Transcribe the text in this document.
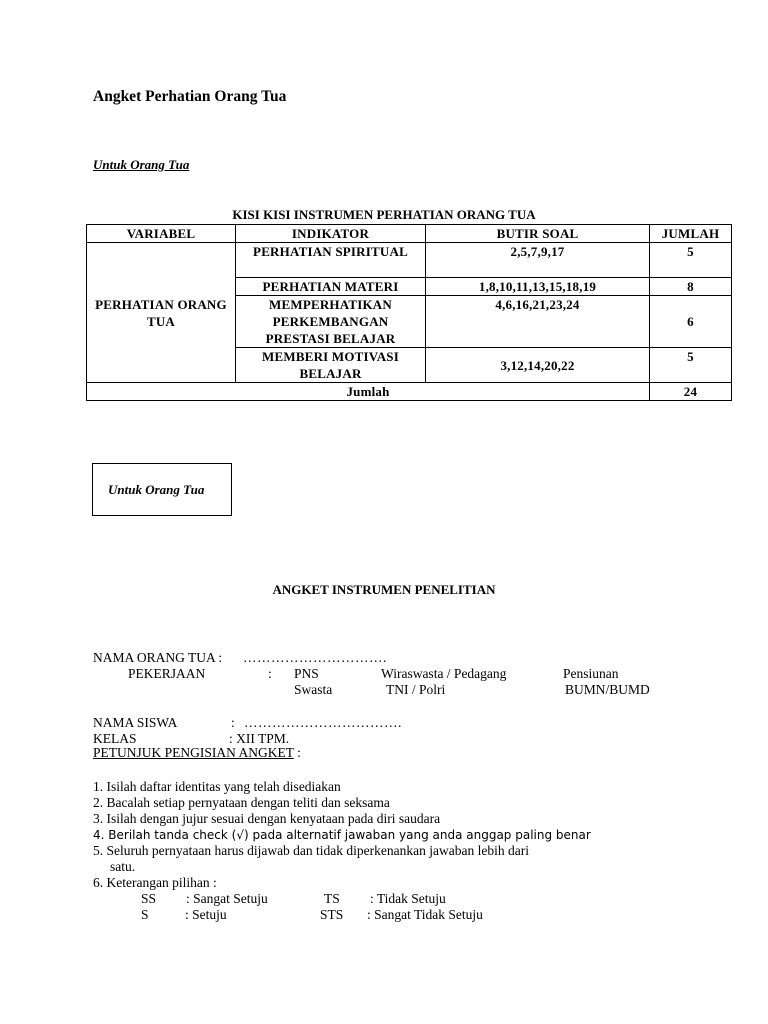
Angket Perhatian Orang Tua
Untuk Orang Tua
KISI KISI INSTRUMEN PERHATIAN ORANG TUA
VARIABEL	INDIKATOR	BUTIR SOAL	JUMLAH
PERHATIAN ORANG TUA	PERHATIAN SPIRITUAL	2,5,7,9,17	5
	PERHATIAN MATERI	1,8,10,11,13,15,18,19	8
	MEMPERHATIKAN PERKEMBANGAN PRESTASI BELAJAR	4,6,16,21,23,24	6
	MEMBERI MOTIVASI BELAJAR	3,12,14,20,22	5
Jumlah			24
Untuk Orang Tua
ANGKET INSTRUMEN PENELITIAN
NAMA ORANG TUA : ………………………….
PEKERJAAN	: PNS	Wiraswasta / Pedagang	Pensiunan
Swasta	TNI / Polri	BUMN/BUMD
NAMA SISWA	: …………………………….
KELAS	: XII TPM.
PETUNJUK PENGISIAN ANGKET :
1. Isilah daftar identitas yang telah disediakan
2. Bacalah setiap pernyataan dengan teliti dan seksama
3. Isilah dengan jujur sesuai dengan kenyataan pada diri saudara
4. Berilah tanda check (√) pada alternatif jawaban yang anda anggap paling benar
5. Seluruh pernyataan harus dijawab dan tidak diperkenankan jawaban lebih dari
satu.
6. Keterangan pilihan :
SS : Sangat Setuju	TS : Tidak Setuju
S	: Setuju	STS : Sangat Tidak Setuju
